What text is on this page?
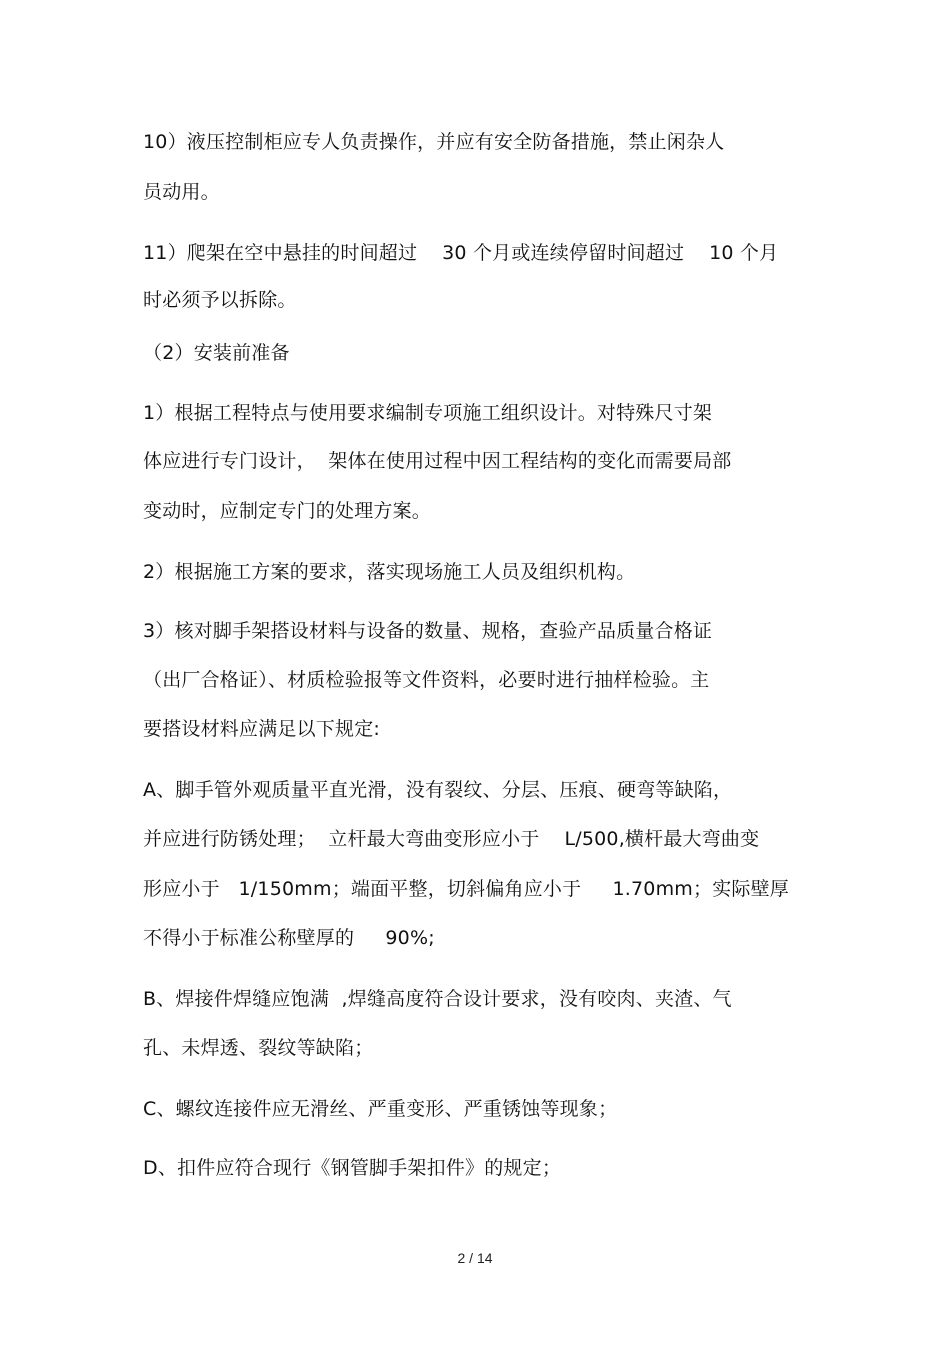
10）液压控制柜应专人负责操作，并应有安全防备措施，禁止闲杂人
员动用。
11）爬架在空中悬挂的时间超过    30 个月或连续停留时间超过    10 个月
时必须予以拆除。
（2）安装前准备
1）根据工程特点与使用要求编制专项施工组织设计。对特殊尺寸架
体应进行专门设计，  架体在使用过程中因工程结构的变化而需要局部
变动时，应制定专门的处理方案。
2）根据施工方案的要求，落实现场施工人员及组织机构。
3）核对脚手架搭设材料与设备的数量、规格，查验产品质量合格证
（出厂合格证）、材质检验报等文件资料，必要时进行抽样检验。主
要搭设材料应满足以下规定:
A、脚手管外观质量平直光滑，没有裂纹、分层、压痕、硬弯等缺陷，
并应进行防锈处理；  立杆最大弯曲变形应小于    L/500,横杆最大弯曲变
形应小于   1/150mm；端面平整，切斜偏角应小于     1.70mm；实际壁厚
不得小于标准公称壁厚的     90%;
B、焊接件焊缝应饱满  ,焊缝高度符合设计要求，没有咬肉、夹渣、气
孔、未焊透、裂纹等缺陷；
C、螺纹连接件应无滑丝、严重变形、严重锈蚀等现象；
D、扣件应符合现行《钢管脚手架扣件》的规定；
2 / 14
